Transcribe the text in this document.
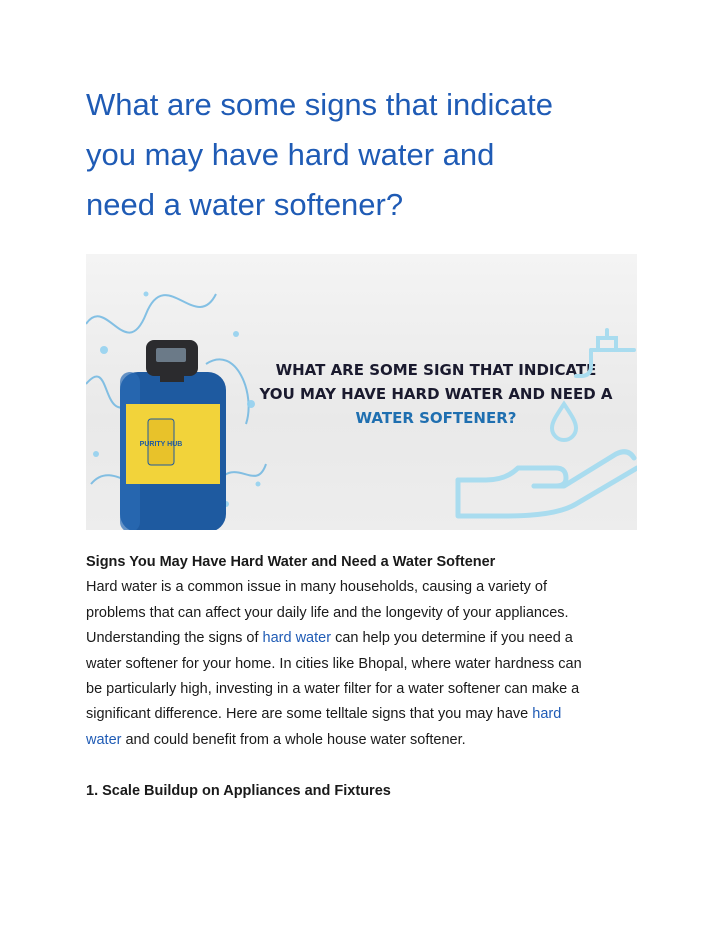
What are some signs that indicate
you may have hard water and
need a water softener?
PURITY HUB
WHAT ARE SOME SIGN THAT INDICATE
YOU MAY HAVE HARD WATER AND NEED A
WATER SOFTENER?
Signs You May Have Hard Water and Need a Water Softener
Hard water is a common issue in many households, causing a variety of
problems that can affect your daily life and the longevity of your appliances.
Understanding the signs of hard water can help you determine if you need a
water softener for your home. In cities like Bhopal, where water hardness can
be particularly high, investing in a water filter for a water softener can make a
significant difference. Here are some telltale signs that you may have hard
water and could benefit from a whole house water softener.
1. Scale Buildup on Appliances and Fixtures
